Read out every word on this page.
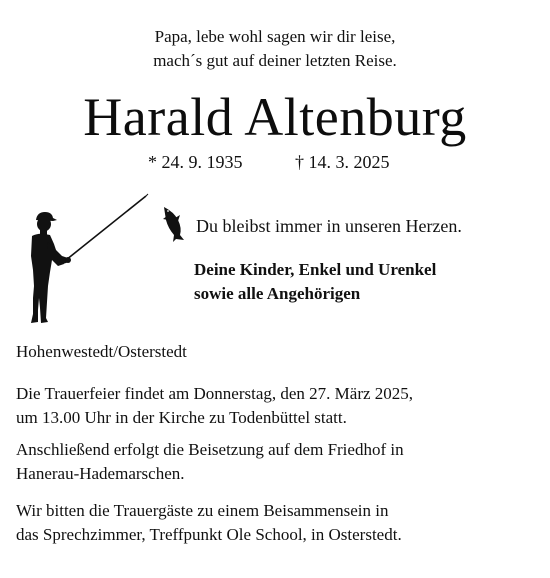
Papa, lebe wohl sagen wir dir leise,
mach´s gut auf deiner letzten Reise.
Harald Altenburg
* 24. 9. 1935	† 14. 3. 2025
Du bleibst immer in unseren Herzen.
Deine Kinder, Enkel und Urenkel
sowie alle Angehörigen
Hohenwestedt/Osterstedt
Die Trauerfeier findet am Donnerstag, den 27. März 2025,
um 13.00 Uhr in der Kirche zu Todenbüttel statt.
Anschließend erfolgt die Beisetzung auf dem Friedhof in
Hanerau-Hademarschen.
Wir bitten die Trauergäste zu einem Beisammensein in
das Sprechzimmer, Treffpunkt Ole School, in Osterstedt.
